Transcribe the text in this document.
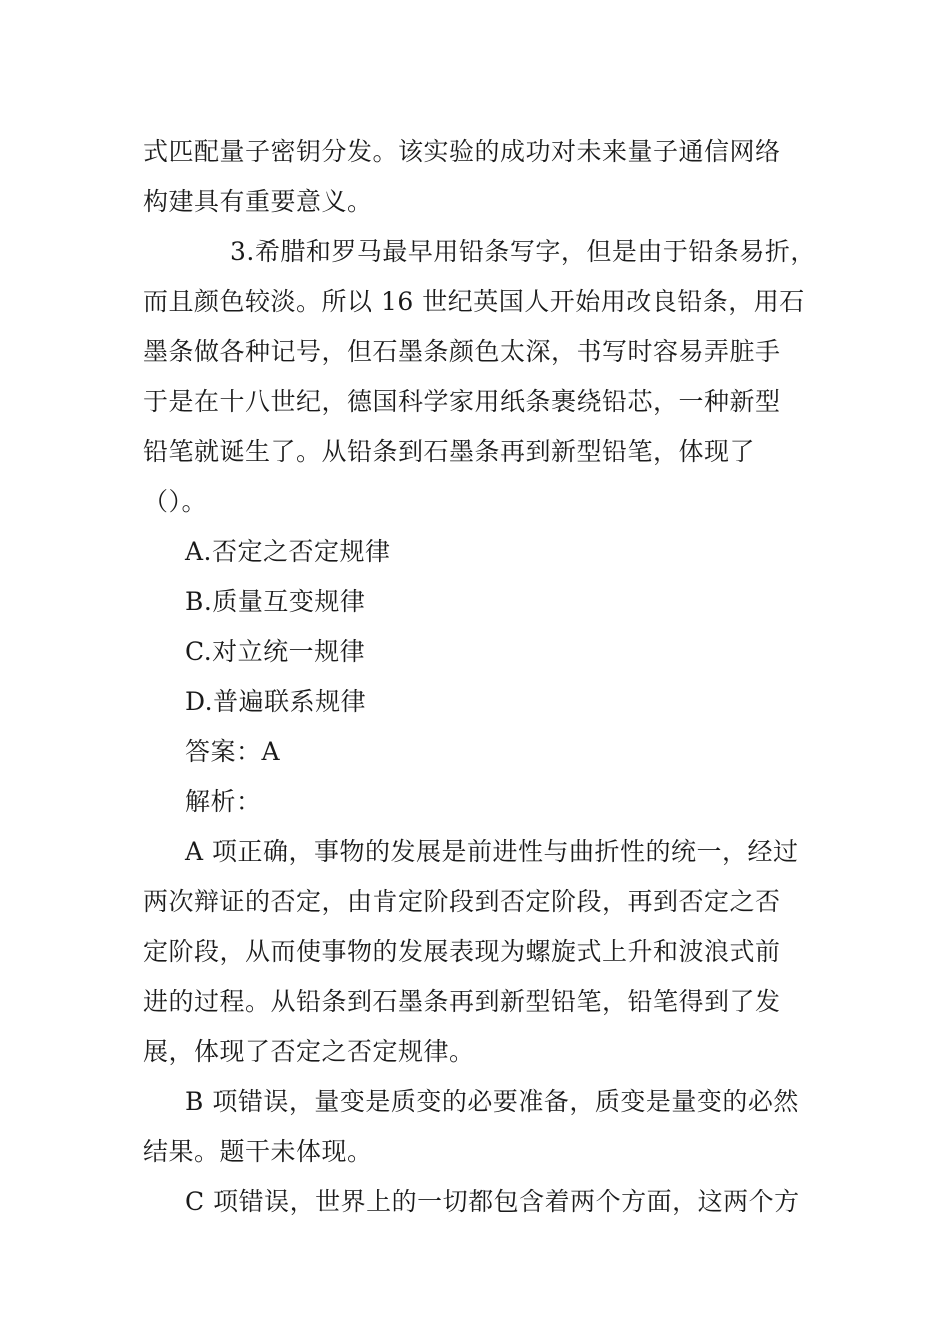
式匹配量子密钥分发。该实验的成功对未来量子通信网络
构建具有重要意义。
3.希腊和罗马最早用铅条写字，但是由于铅条易折，
而且颜色较淡。所以 16 世纪英国人开始用改良铅条，用石
墨条做各种记号，但石墨条颜色太深，书写时容易弄脏手
于是在十八世纪，德国科学家用纸条裹绕铅芯，一种新型
铅笔就诞生了。从铅条到石墨条再到新型铅笔，体现了
（）。
A.否定之否定规律
B.质量互变规律
C.对立统一规律
D.普遍联系规律
答案：A
解析：
A 项正确，事物的发展是前进性与曲折性的统一，经过
两次辩证的否定，由肯定阶段到否定阶段，再到否定之否
定阶段，从而使事物的发展表现为螺旋式上升和波浪式前
进的过程。从铅条到石墨条再到新型铅笔，铅笔得到了发
展，体现了否定之否定规律。
B 项错误，量变是质变的必要准备，质变是量变的必然
结果。题干未体现。
C 项错误，世界上的一切都包含着两个方面，这两个方
